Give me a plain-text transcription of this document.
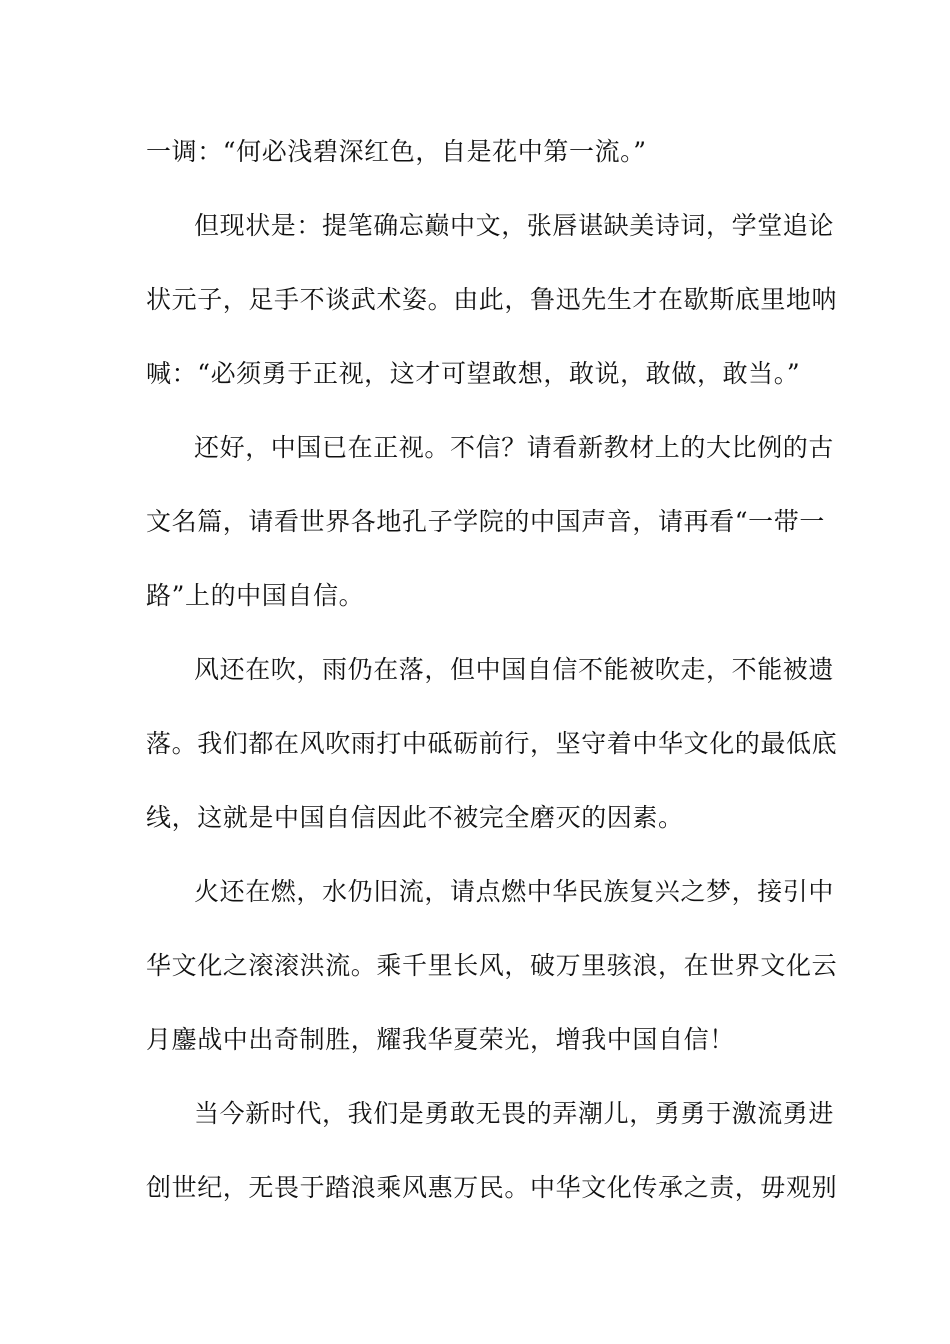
一调：“何必浅碧深红色，自是花中第一流。”
但现状是：提笔确忘巅中文，张唇谌缺美诗词，学堂追论
状元子，足手不谈武术姿。由此，鲁迅先生才在歇斯底里地呐
喊：“必须勇于正视，这才可望敢想，敢说，敢做，敢当。”
还好，中国已在正视。不信？请看新教材上的大比例的古
文名篇，请看世界各地孔子学院的中国声音，请再看“一带一
路”上的中国自信。
风还在吹，雨仍在落，但中国自信不能被吹走，不能被遗
落。我们都在风吹雨打中砥砺前行，坚守着中华文化的最低底
线，这就是中国自信因此不被完全磨灭的因素。
火还在燃，水仍旧流，请点燃中华民族复兴之梦，接引中
华文化之滚滚洪流。乘千里长风，破万里骇浪，在世界文化云
月鏖战中出奇制胜，耀我华夏荣光，增我中国自信！
当今新时代，我们是勇敢无畏的弄潮儿，勇勇于激流勇进
创世纪，无畏于踏浪乘风惠万民。中华文化传承之责，毋观别
